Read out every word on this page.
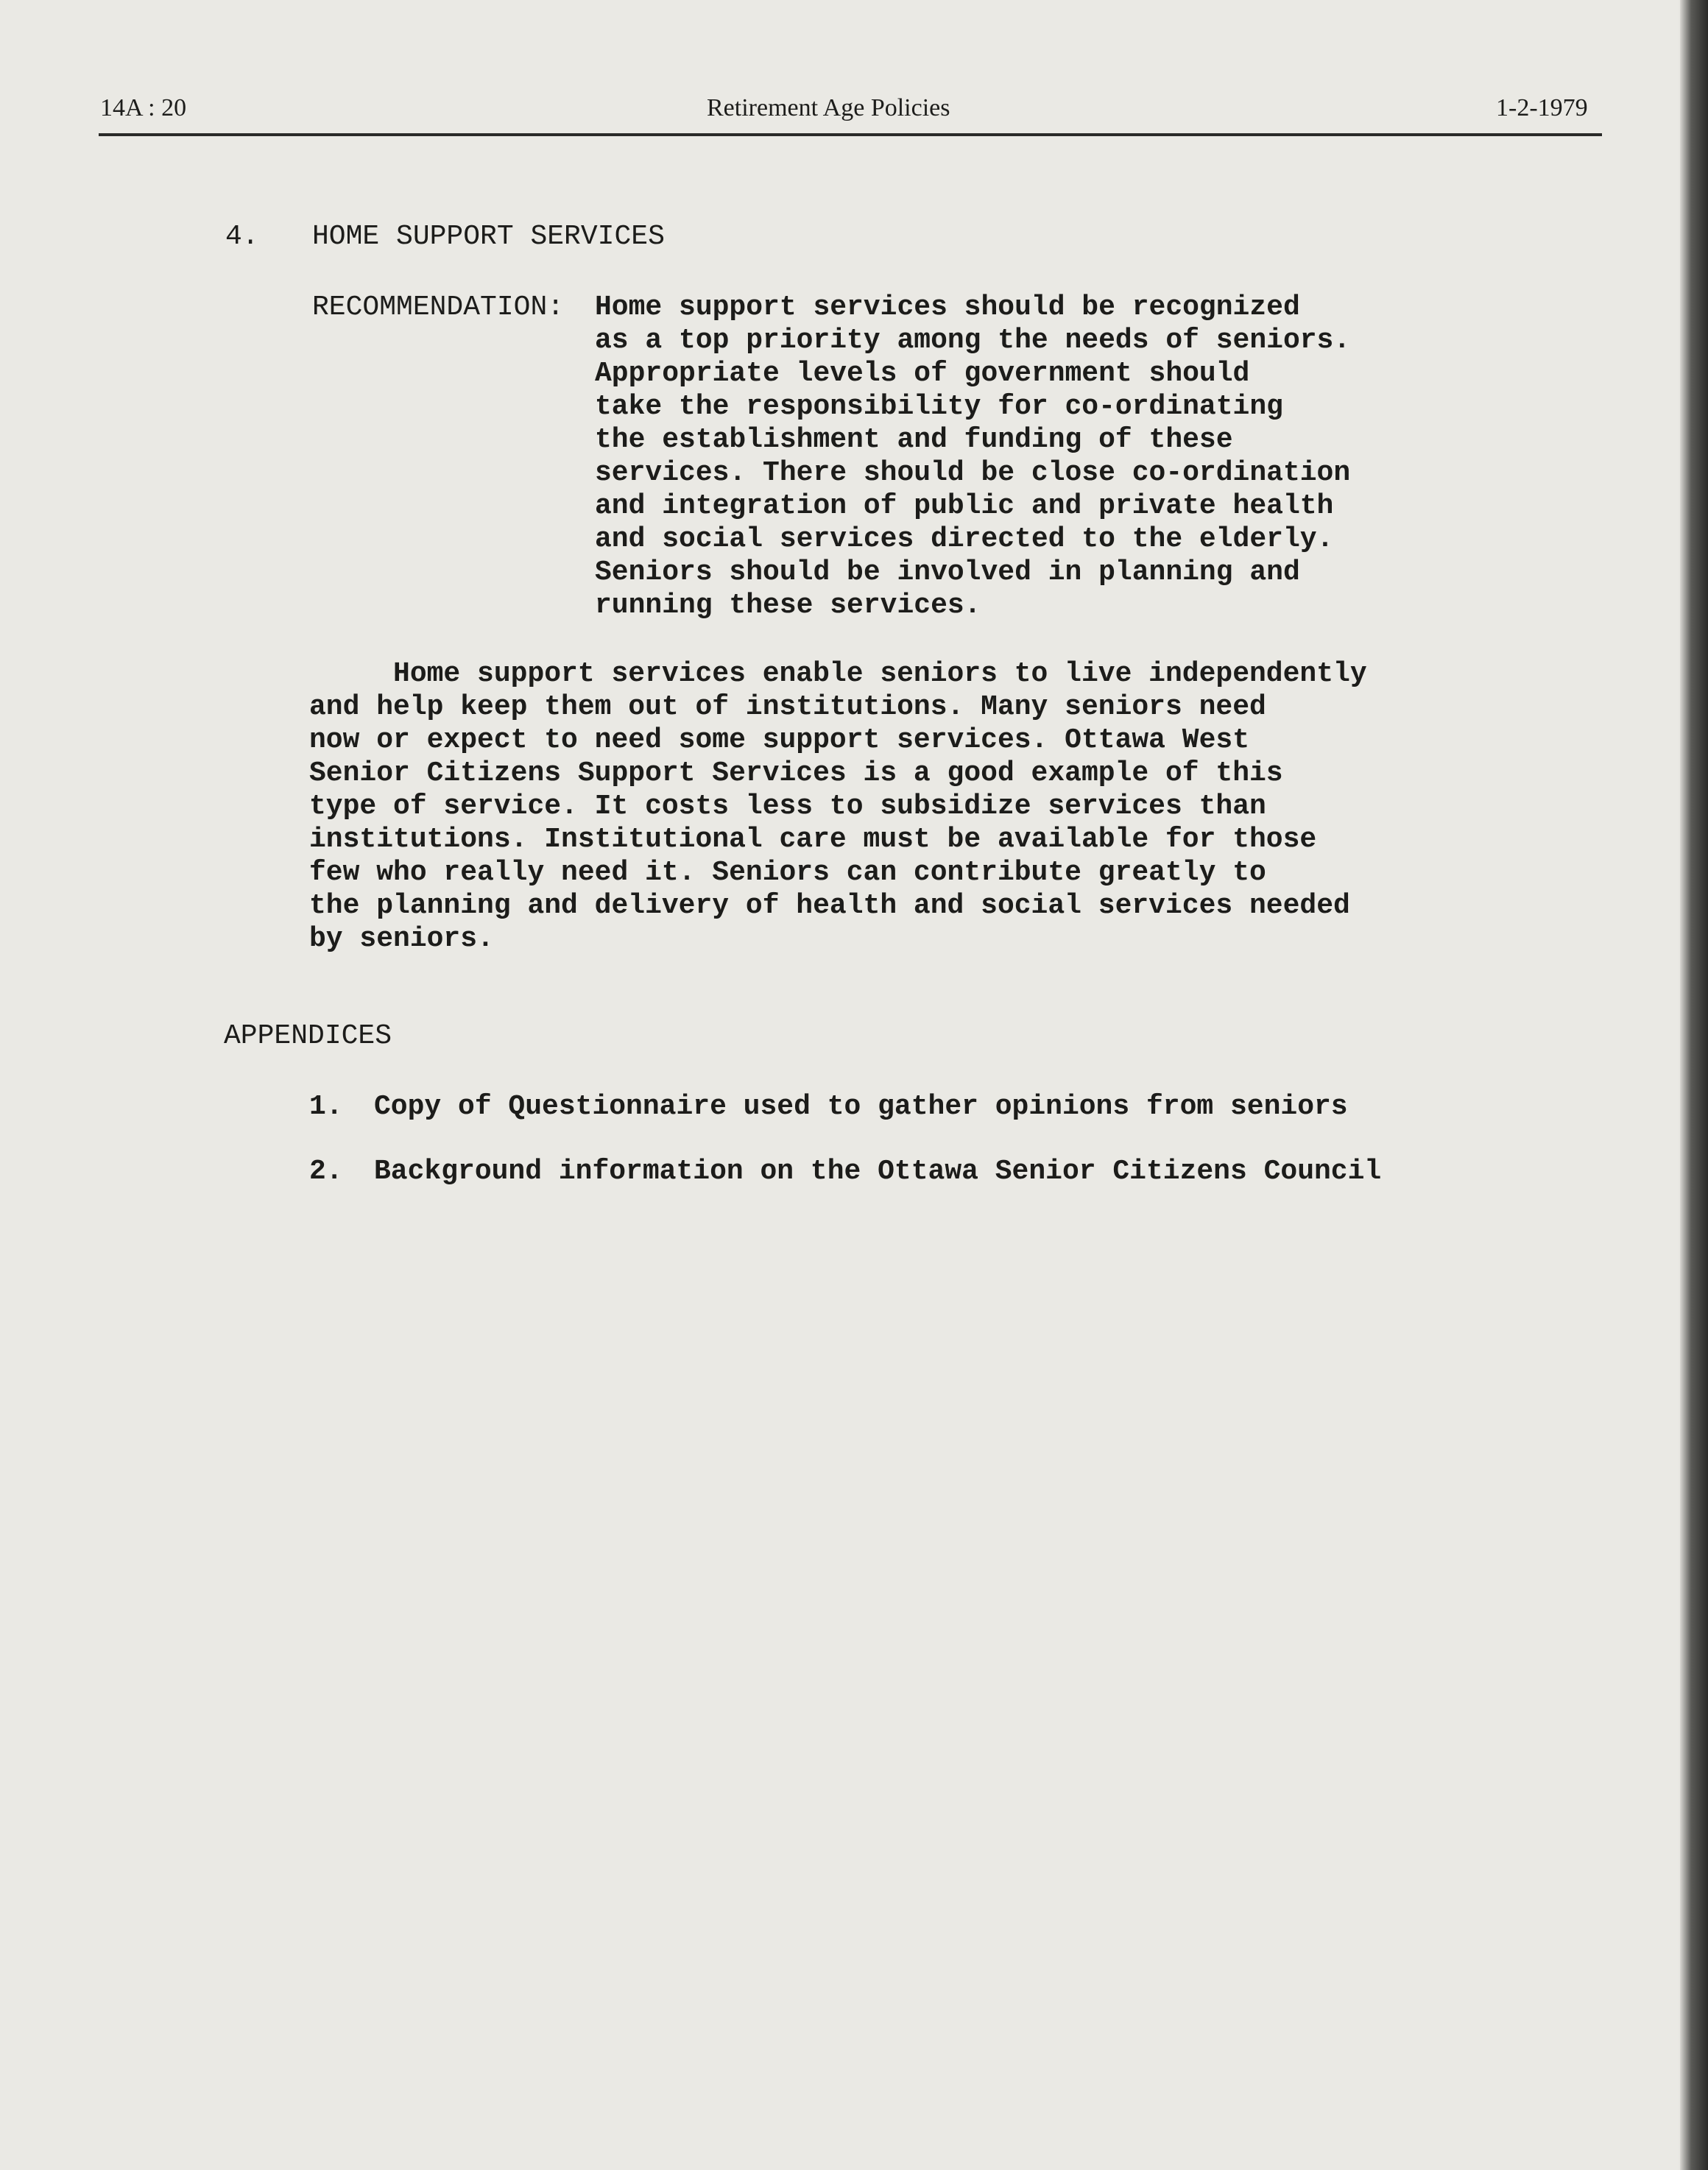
14A : 20	Retirement Age Policies	1-2-1979
4. HOME SUPPORT SERVICES
RECOMMENDATION: Home support services should be recognized
as a top priority among the needs of seniors.
Appropriate levels of government should
take the responsibility for co-ordinating
the establishment and funding of these
services. There should be close co-ordination
and integration of public and private health
and social services directed to the elderly.
Seniors should be involved in planning and
running these services.
Home support services enable seniors to live independently
and help keep them out of institutions. Many seniors need
now or expect to need some support services. Ottawa West
Senior Citizens Support Services is a good example of this
type of service. It costs less to subsidize services than
institutions. Institutional care must be available for those
few who really need it. Seniors can contribute greatly to
the planning and delivery of health and social services needed
by seniors.
APPENDICES
1. Copy of Questionnaire used to gather opinions from seniors
2. Background information on the Ottawa Senior Citizens Council
